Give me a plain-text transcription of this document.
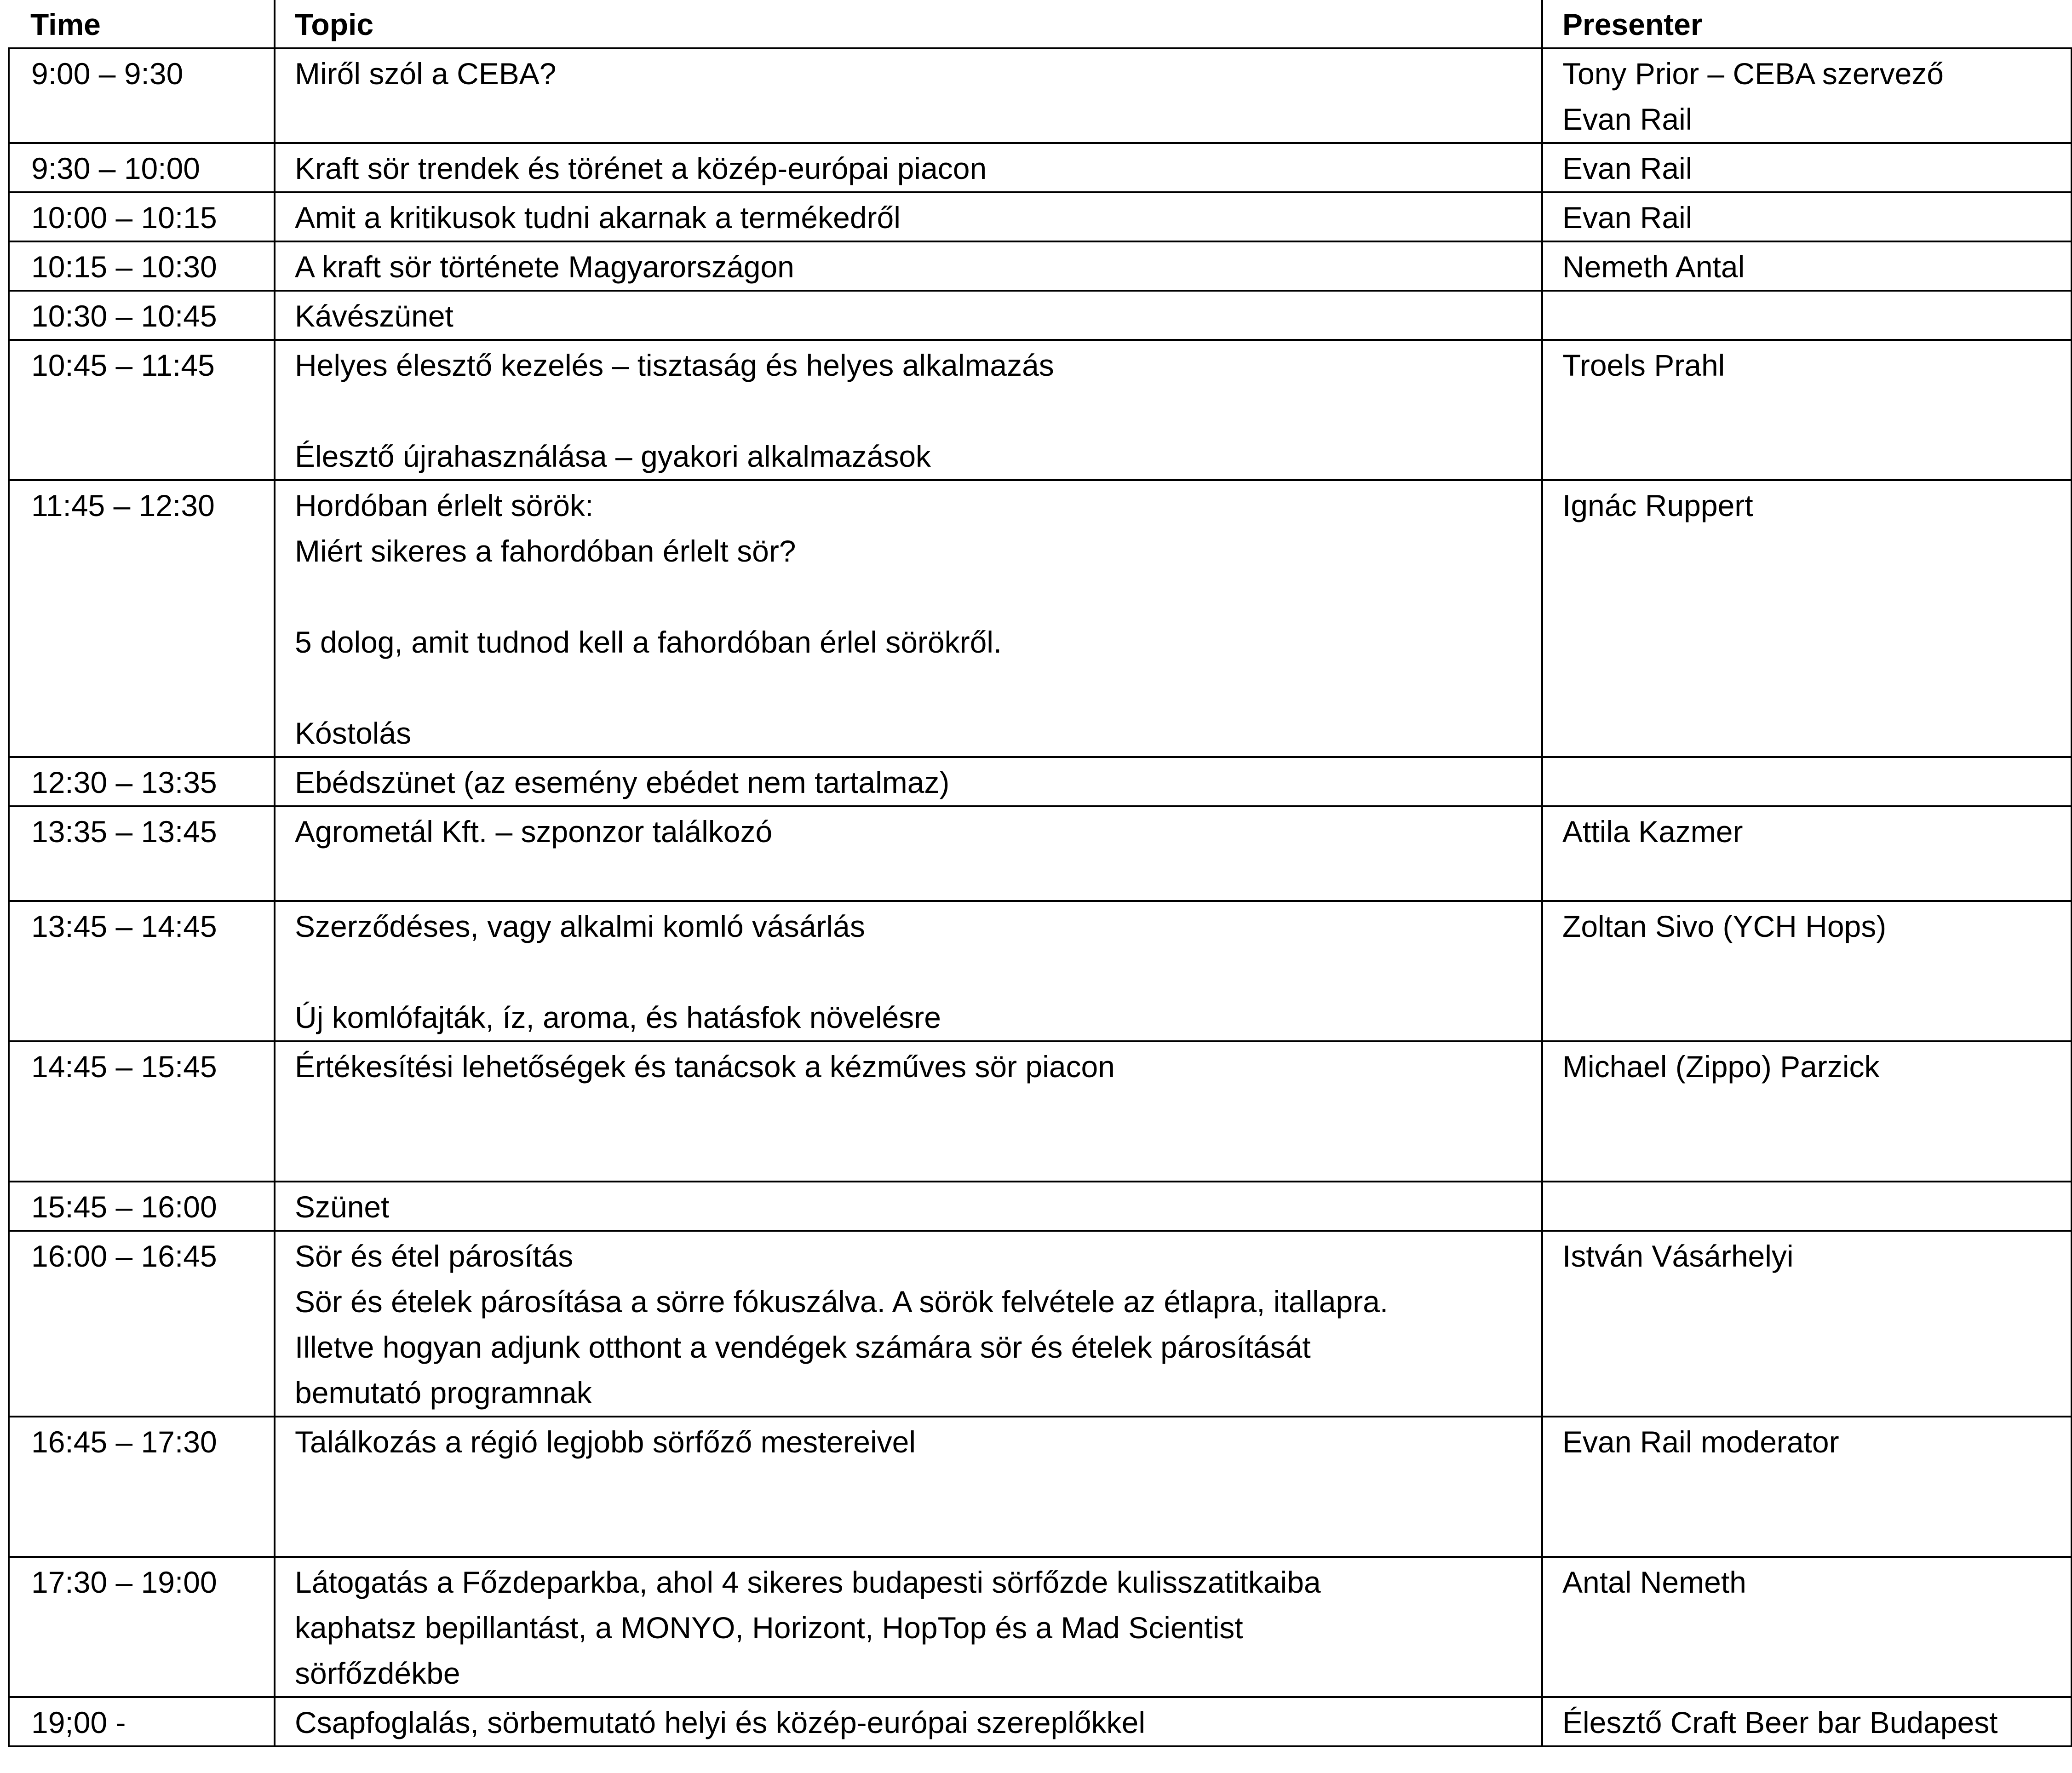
Time	Topic	Presenter

9:00 – 9:30	Miről szól a CEBA?	Tony Prior – CEBA szervező
Evan Rail

9:30 – 10:00	Kraft sör trendek és törénet a közép-európai piacon	Evan Rail

10:00 – 10:15	Amit a kritikusok tudni akarnak a termékedről	Evan Rail

10:15 – 10:30	A kraft sör története Magyarországon	Nemeth Antal

10:30 – 10:45	Kávészünet	

10:45 – 11:45	Helyes élesztő kezelés – tisztaság és helyes alkalmazás
Élesztő újrahasználása – gyakori alkalmazások	Troels Prahl

11:45 – 12:30	Hordóban érlelt sörök:
Miért sikeres a fahordóban érlelt sör?
5 dolog, amit tudnod kell a fahordóban érlel sörökről.
Kóstolás	Ignác Ruppert

12:30 – 13:35	Ebédszünet (az esemény ebédet nem tartalmaz)	

13:35 – 13:45	Agrometál Kft. – szponzor találkozó	Attila Kazmer

13:45 – 14:45	Szerződéses, vagy alkalmi komló vásárlás
Új komlófajták, íz, aroma, és hatásfok növelésre	Zoltan Sivo (YCH Hops)

14:45 – 15:45	Értékesítési lehetőségek és tanácsok a kézműves sör piacon	Michael (Zippo) Parzick

15:45 – 16:00	Szünet	

16:00 – 16:45	Sör és étel párosítás
Sör és ételek párosítása a sörre fókuszálva. A sörök felvétele az étlapra, itallapra.
Illetve hogyan adjunk otthont a vendégek számára sör és ételek párosítását
bemutató programnak	István Vásárhelyi

16:45 – 17:30	Találkozás a régió legjobb sörfőző mestereivel	Evan Rail moderator

17:30 – 19:00	Látogatás a Főzdeparkba, ahol 4 sikeres budapesti sörfőzde kulisszatitkaiba
kaphatsz bepillantást, a MONYO, Horizont, HopTop és a Mad Scientist
sörfőzdékbe	Antal Nemeth

19;00 -	Csapfoglalás, sörbemutató helyi és közép-európai szereplőkkel	Élesztő Craft Beer bar Budapest
